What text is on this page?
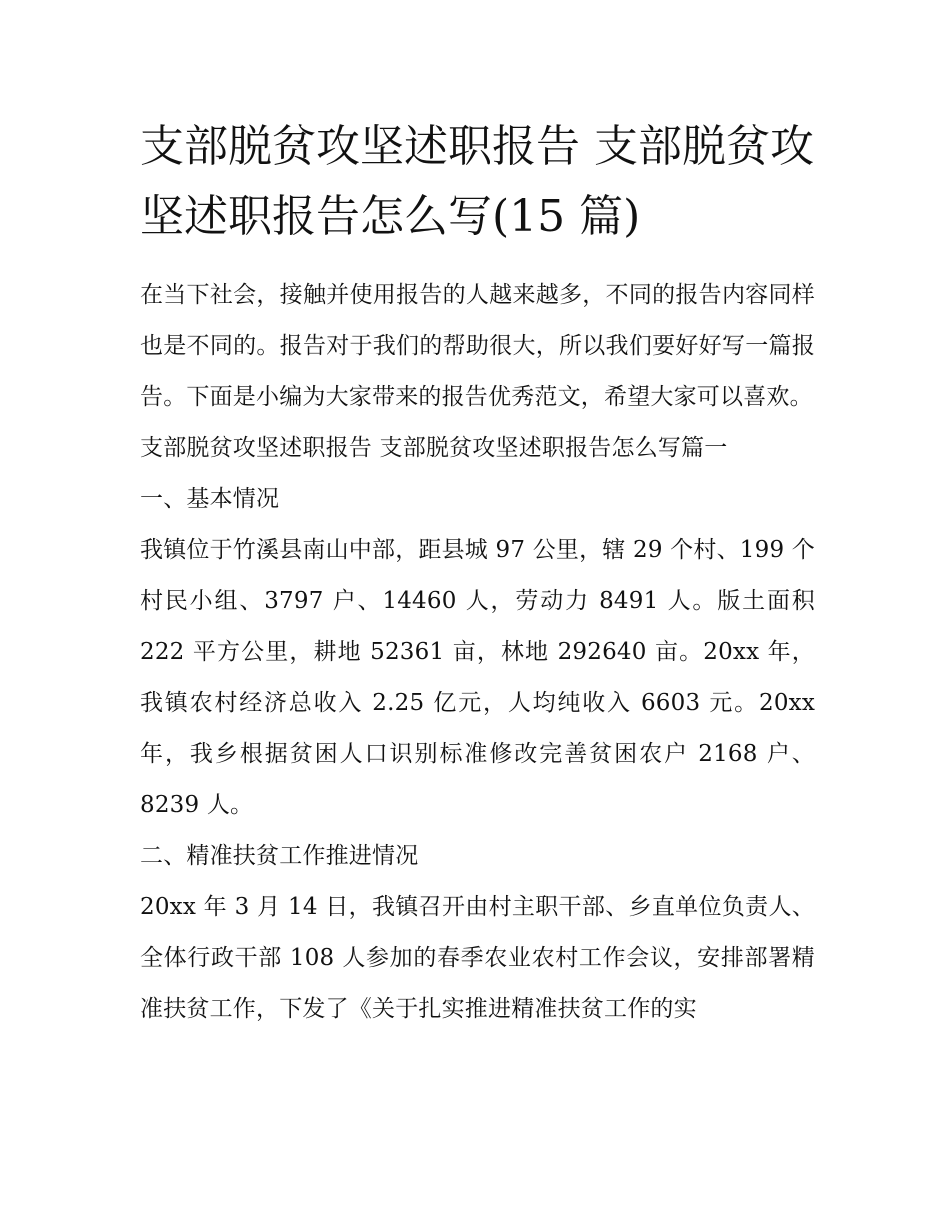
支部脱贫攻坚述职报告 支部脱贫攻坚述职报告怎么写(15 篇)

在当下社会，接触并使用报告的人越来越多，不同的报告内容同样也是不同的。报告对于我们的帮助很大，所以我们要好好写一篇报告。下面是小编为大家带来的报告优秀范文，希望大家可以喜欢。

支部脱贫攻坚述职报告 支部脱贫攻坚述职报告怎么写篇一

一、基本情况

我镇位于竹溪县南山中部，距县城 97 公里，辖 29 个村、199 个村民小组、3797 户、14460 人，劳动力 8491 人。版土面积 222 平方公里，耕地 52361 亩，林地 292640 亩。20xx 年，我镇农村经济总收入 2.25 亿元，人均纯收入 6603 元。20xx 年，我乡根据贫困人口识别标准修改完善贫困农户 2168 户、8239 人。

二、精准扶贫工作推进情况

20xx 年 3 月 14 日，我镇召开由村主职干部、乡直单位负责人、全体行政干部 108 人参加的春季农业农村工作会议，安排部署精准扶贫工作，下发了《关于扎实推进精准扶贫工作的实
